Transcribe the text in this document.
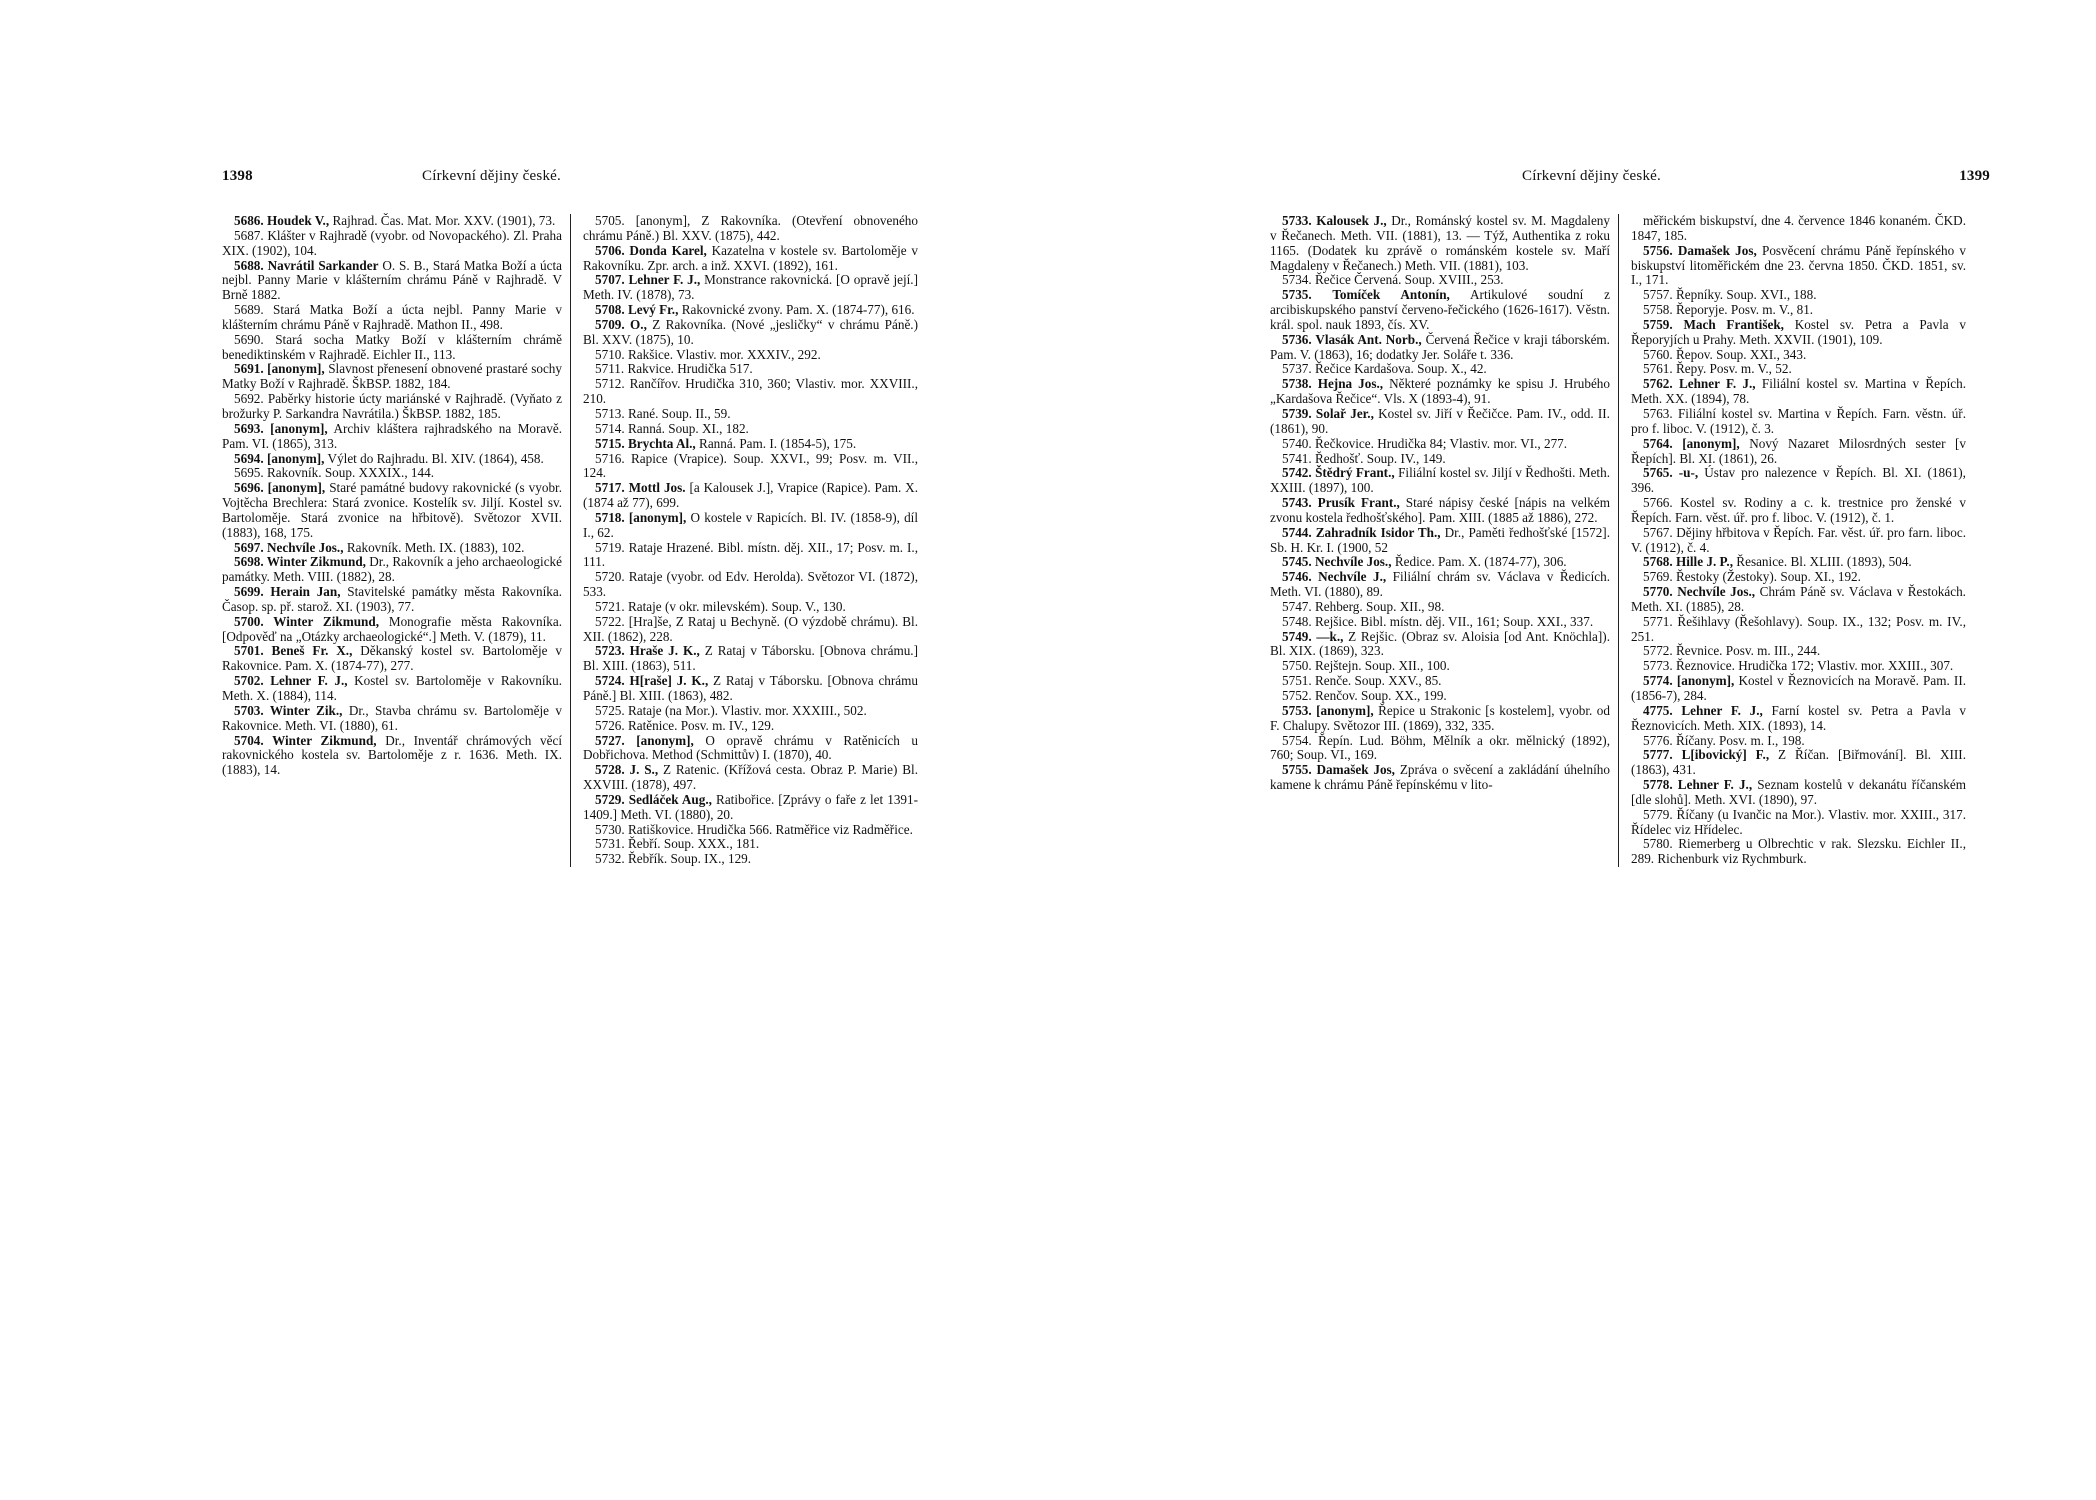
1398	Církevní dějiny české.

5686. Houdek V., Rajhrad. Čas. Mat. Mor. XXV. (1901), 73.

5687. Klášter v Rajhradě (vyobr. od Novopackého). Zl. Praha XIX. (1902), 104.

5688. Navrátil Sarkander O. S. B., Stará Matka Boží a úcta nejbl. Panny Marie v klášterním chrámu Páně v Rajhradě. V Brně 1882.

5689. Stará Matka Boží a úcta nejbl. Panny Marie v klášterním chrámu Páně v Rajhradě. Mathon II., 498.

5690. Stará socha Matky Boží v klášterním chrámě benediktinském v Rajhradě. Eichler II., 113.

5691. [anonym], Slavnost přenesení obnovené prastaré sochy Matky Boží v Rajhradě. ŠkBSP. 1882, 184.

5692. Paběrky historie úcty mariánské v Rajhradě. (Vyňato z brožurky P. Sarkandra Navrátila.) ŠkBSP. 1882, 185.

5693. [anonym], Archiv kláštera rajhradského na Moravě. Pam. VI. (1865), 313.

5694. [anonym], Výlet do Rajhradu. Bl. XIV. (1864), 458.

5695. Rakovník. Soup. XXXIX., 144.

5696. [anonym], Staré památné budovy rakovnické (s vyobr. Vojtěcha Brechlera: Stará zvonice. Kostelík sv. Jiljí. Kostel sv. Bartoloměje. Stará zvonice na hřbitově). Světozor XVII. (1883), 168, 175.

5697. Nechvíle Jos., Rakovník. Meth. IX. (1883), 102.

5698. Winter Zikmund, Dr., Rakovník a jeho archaeologické památky. Meth. VIII. (1882), 28.

5699. Herain Jan, Stavitelské památky města Rakovníka. Časop. sp. př. starož. XI. (1903), 77.

5700. Winter Zikmund, Monografie města Rakovníka. [Odpověď na „Otázky archaeologické“.] Meth. V. (1879), 11.

5701. Beneš Fr. X., Děkanský kostel sv. Bartoloměje v Rakovnice. Pam. X. (1874-77), 277.

5702. Lehner F. J., Kostel sv. Bartoloměje v Rakovníku. Meth. X. (1884), 114.

5703. Winter Zik., Dr., Stavba chrámu sv. Bartoloměje v Rakovnice. Meth. VI. (1880), 61.

5704. Winter Zikmund, Dr., Inventář chrámových věcí rakovnického kostela sv. Bartoloměje z r. 1636. Meth. IX. (1883), 14.

5705. [anonym], Z Rakovníka. (Otevření obnoveného chrámu Páně.) Bl. XXV. (1875), 442.

5706. Donda Karel, Kazatelna v kostele sv. Bartoloměje v Rakovníku. Zpr. arch. a inž. XXVI. (1892), 161.

5707. Lehner F. J., Monstrance rakovnická. [O opravě její.] Meth. IV. (1878), 73.

5708. Levý Fr., Rakovnické zvony. Pam. X. (1874-77), 616.

5709. O., Z Rakovníka. (Nové „jesličky“ v chrámu Páně.) Bl. XXV. (1875), 10.

5710. Rakšice. Vlastiv. mor. XXXIV., 292.

5711. Rakvice. Hrudička 517.

5712. Rančířov. Hrudička 310, 360; Vlastiv. mor. XXVIII., 210.

5713. Rané. Soup. II., 59.

5714. Ranná. Soup. XI., 182.

5715. Brychta Al., Ranná. Pam. I. (1854-5), 175.

5716. Rapice (Vrapice). Soup. XXVI., 99; Posv. m. VII., 124.

5717. Mottl Jos. [a Kalousek J.], Vrapice (Rapice). Pam. X. (1874 až 77), 699.

5718. [anonym], O kostele v Rapicích. Bl. IV. (1858-9), díl I., 62.

5719. Rataje Hrazené. Bibl. místn. děj. XII., 17; Posv. m. I., 111.

5720. Rataje (vyobr. od Edv. Herolda). Světozor VI. (1872), 533.

5721. Rataje (v okr. milevském). Soup. V., 130.

5722. [Hra]še, Z Rataj u Bechyně. (O výzdobě chrámu). Bl. XII. (1862), 228.

5723. Hraše J. K., Z Rataj v Táborsku. [Obnova chrámu.] Bl. XIII. (1863), 511.

5724. H[raše] J. K., Z Rataj v Táborsku. [Obnova chrámu Páně.] Bl. XIII. (1863), 482.

5725. Rataje (na Mor.). Vlastiv. mor. XXXIII., 502.

5726. Ratěnice. Posv. m. IV., 129.

5727. [anonym], O opravě chrámu v Ratěnicích u Dobřichova. Method (Schmittův) I. (1870), 40.

5728. J. S., Z Ratenic. (Křížová cesta. Obraz P. Marie) Bl. XXVIII. (1878), 497.

5729. Sedláček Aug., Ratibořice. [Zprávy o faře z let 1391-1409.] Meth. VI. (1880), 20.

5730. Ratiškovice. Hrudička 566. Ratměřice viz Radměřice.

5731. Řebří. Soup. XXX., 181.

5732. Řebřík. Soup. IX., 129.

Církevní dějiny české.	1399

5733. Kalousek J., Dr., Románský kostel sv. M. Magdaleny v Řečanech. Meth. VII. (1881), 13. — Týž, Authentika z roku 1165. (Dodatek ku zprávě o románském kostele sv. Maří Magdaleny v Řečanech.) Meth. VII. (1881), 103.

5734. Řečice Červená. Soup. XVIII., 253.

5735. Tomíček Antonín, Artikulové soudní z arcibiskupského panství červeno-řečického (1626-1617). Věstn. král. spol. nauk 1893, čís. XV.

5736. Vlasák Ant. Norb., Červená Řečice v kraji táborském. Pam. V. (1863), 16; dodatky Jer. Soláře t. 336.

5737. Řečice Kardašova. Soup. X., 42.

5738. Hejna Jos., Některé poznámky ke spisu J. Hrubého „Kardašova Řečice“. Vls. X (1893-4), 91.

5739. Solař Jer., Kostel sv. Jiří v Řečičce. Pam. IV., odd. II. (1861), 90.

5740. Řečkovice. Hrudička 84; Vlastiv. mor. VI., 277.

5741. Ředhošť. Soup. IV., 149.

5742. Štědrý Frant., Filiální kostel sv. Jiljí v Ředhošti. Meth. XXIII. (1897), 100.

5743. Prusík Frant., Staré nápisy české [nápis na velkém zvonu kostela ředhošťského]. Pam. XIII. (1885 až 1886), 272.

5744. Zahradník Isidor Th., Dr., Paměti ředhošťské [1572]. Sb. H. Kr. I. (1900, 52

5745. Nechvíle Jos., Ředice. Pam. X. (1874-77), 306.

5746. Nechvíle J., Filiální chrám sv. Václava v Ředicích. Meth. VI. (1880), 89.

5747. Rehberg. Soup. XII., 98.

5748. Rejšice. Bibl. místn. děj. VII., 161; Soup. XXI., 337.

5749. —k., Z Rejšic. (Obraz sv. Aloisia [od Ant. Knöchla]). Bl. XIX. (1869), 323.

5750. Rejštejn. Soup. XII., 100.

5751. Renče. Soup. XXV., 85.

5752. Renčov. Soup. XX., 199.

5753. [anonym], Řepice u Strakonic [s kostelem], vyobr. od F. Chalupy. Světozor III. (1869), 332, 335.

5754. Řepín. Lud. Böhm, Mělník a okr. mělnický (1892), 760; Soup. VI., 169.

5755. Damašek Jos, Zpráva o svěcení a zakládání úhelního kamene k chrámu Páně řepínskému v lito-

měřickém biskupství, dne 4. července 1846 konaném. ČKD. 1847, 185.

5756. Damašek Jos, Posvěcení chrámu Páně řepínského v biskupství litoměřickém dne 23. června 1850. ČKD. 1851, sv. I., 171.

5757. Řepníky. Soup. XVI., 188.

5758. Řeporyje. Posv. m. V., 81.

5759. Mach František, Kostel sv. Petra a Pavla v Řeporyjích u Prahy. Meth. XXVII. (1901), 109.

5760. Řepov. Soup. XXI., 343.

5761. Řepy. Posv. m. V., 52.

5762. Lehner F. J., Filiální kostel sv. Martina v Řepích. Meth. XX. (1894), 78.

5763. Filiální kostel sv. Martina v Řepích. Farn. věstn. úř. pro f. liboc. V. (1912), č. 3.

5764. [anonym], Nový Nazaret Milosrdných sester [v Řepích]. Bl. XI. (1861), 26.

5765. -u-, Ústav pro nalezence v Řepích. Bl. XI. (1861), 396.

5766. Kostel sv. Rodiny a c. k. trestnice pro ženské v Řepích. Farn. věst. úř. pro f. liboc. V. (1912), č. 1.

5767. Dějiny hřbitova v Řepích. Far. věst. úř. pro farn. liboc. V. (1912), č. 4.

5768. Hille J. P., Řesanice. Bl. XLIII. (1893), 504.

5769. Řestoky (Žestoky). Soup. XI., 192.

5770. Nechvíle Jos., Chrám Páně sv. Václava v Řestokách. Meth. XI. (1885), 28.

5771. Řešihlavy (Řešohlavy). Soup. IX., 132; Posv. m. IV., 251.

5772. Řevnice. Posv. m. III., 244.

5773. Řeznovice. Hrudička 172; Vlastiv. mor. XXIII., 307.

5774. [anonym], Kostel v Řeznovicích na Moravě. Pam. II. (1856-7), 284.

4775. Lehner F. J., Farní kostel sv. Petra a Pavla v Řeznovicích. Meth. XIX. (1893), 14.

5776. Říčany. Posv. m. I., 198.

5777. L[ibovický] F., Z Říčan. [Biřmování]. Bl. XIII. (1863), 431.

5778. Lehner F. J., Seznam kostelů v dekanátu říčanském [dle slohů]. Meth. XVI. (1890), 97.

5779. Říčany (u Ivančic na Mor.). Vlastiv. mor. XXIII., 317. Řídelec viz Hřídelec.

5780. Riemerberg u Olbrechtic v rak. Slezsku. Eichler II., 289. Richenburk viz Rychmburk.
